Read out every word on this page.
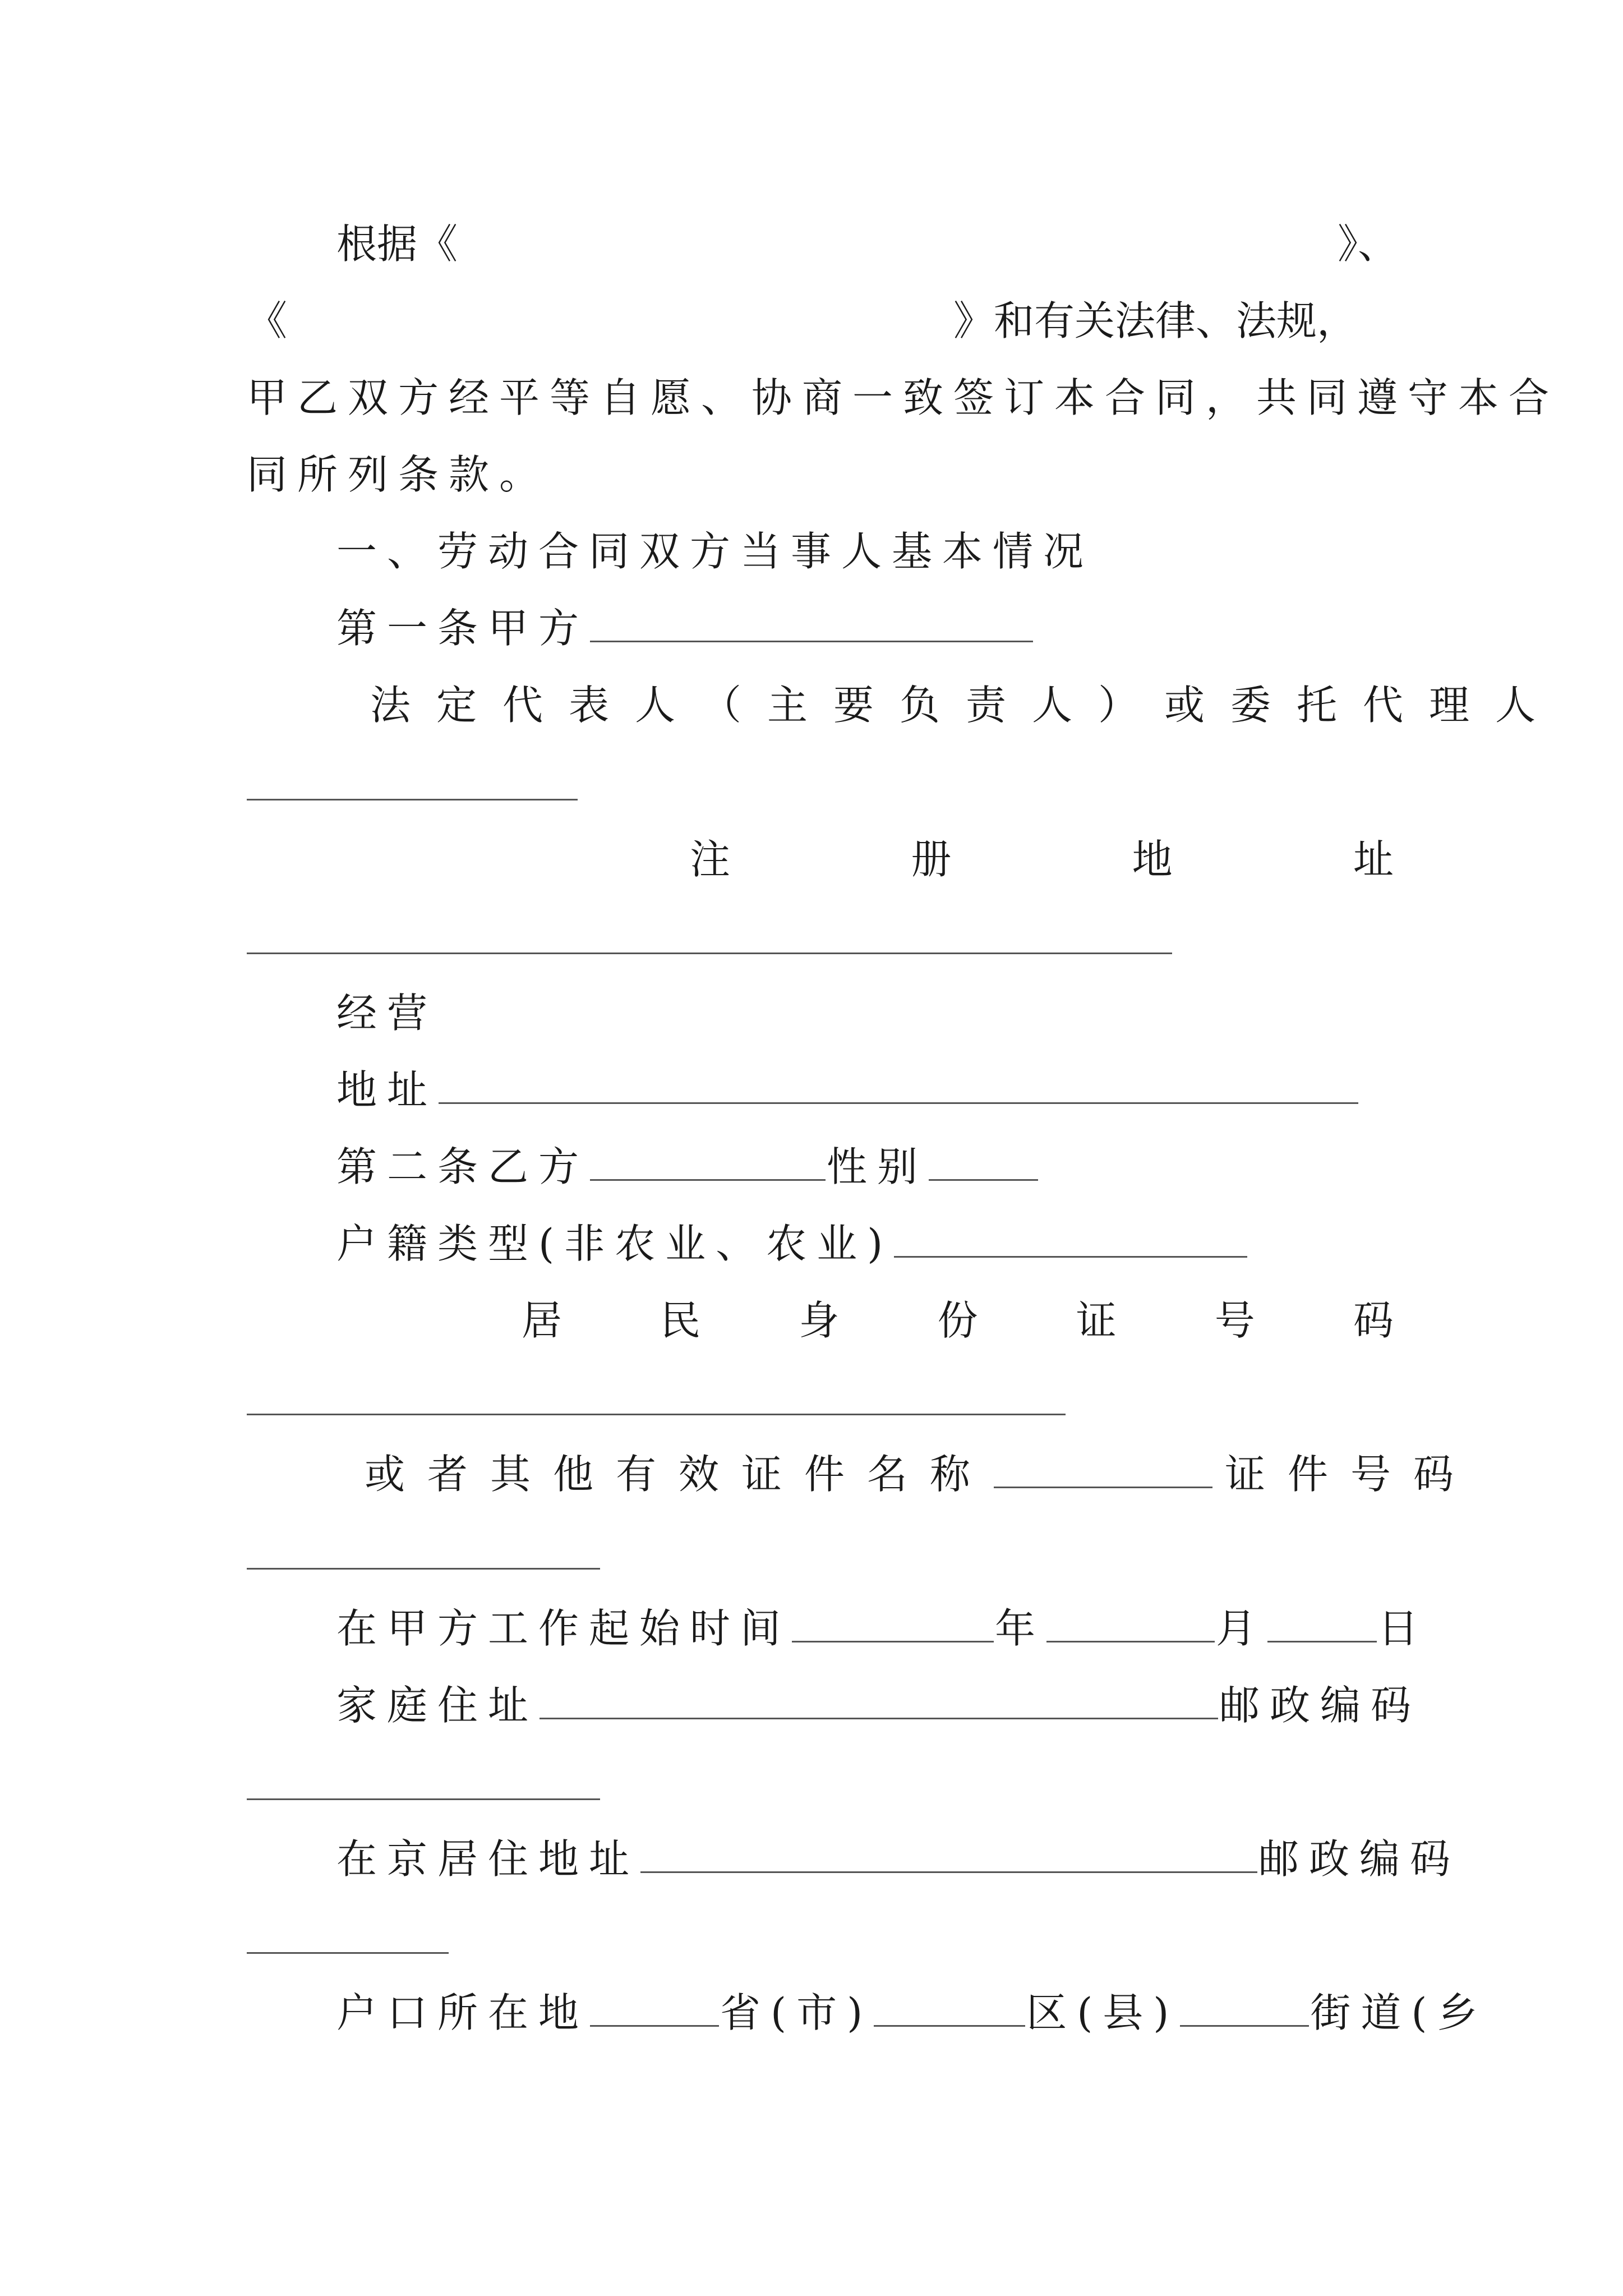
根据《	》、
《	》和有关法律、法规，
甲乙双方经平等自愿、协商一致签订本合同，共同遵守本合
同所列条款。
一、劳动合同双方当事人基本情况
第一条甲方
法定代表人（主要负责人）或委托代理人
注	册	地	址
经营
地址
第二条乙方	性别
户籍类型(非农业、农业)
居 民 身 份 证 号 码
或者其他有效证件名称	证件号码
在甲方工作起始时间	年	月	日
家庭住址	邮政编码
在京居住地址	邮政编码
户口所在地	省(市)	区(县)	街道(乡
